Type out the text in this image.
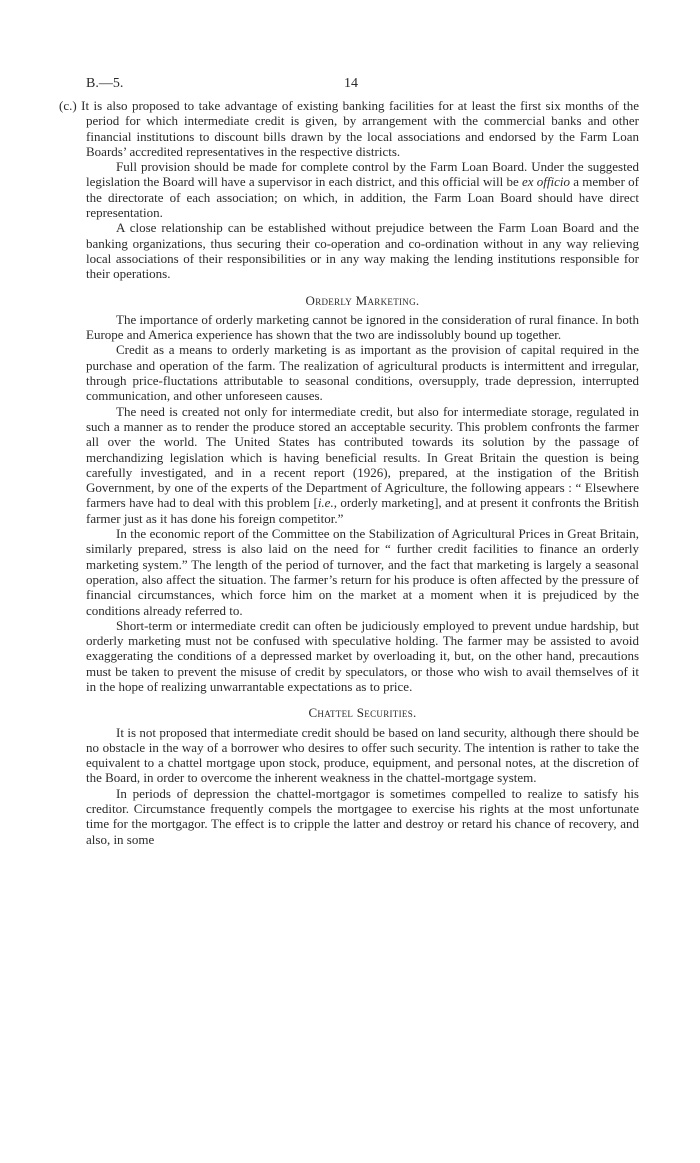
B.—5.	14

(c.) It is also proposed to take advantage of existing banking facilities for at least the first six months of the period for which intermediate credit is given, by arrangement with the commercial banks and other financial institutions to discount bills drawn by the local associations and endorsed by the Farm Loan Boards’ accredited representatives in the respective districts.

Full provision should be made for complete control by the Farm Loan Board. Under the suggested legislation the Board will have a supervisor in each district, and this official will be ex officio a member of the directorate of each association; on which, in addition, the Farm Loan Board should have direct representation.

A close relationship can be established without prejudice between the Farm Loan Board and the banking organizations, thus securing their co-operation and co-ordination without in any way relieving local associations of their responsibilities or in any way making the lending institutions responsible for their operations.

Orderly Marketing.

The importance of orderly marketing cannot be ignored in the consideration of rural finance. In both Europe and America experience has shown that the two are indissolubly bound up together.

Credit as a means to orderly marketing is as important as the provision of capital required in the purchase and operation of the farm. The realization of agricultural products is intermittent and irregular, through price-fluctations attributable to seasonal conditions, oversupply, trade depression, interrupted communication, and other unforeseen causes.

The need is created not only for intermediate credit, but also for intermediate storage, regulated in such a manner as to render the produce stored an acceptable security. This problem confronts the farmer all over the world. The United States has contributed towards its solution by the passage of merchandizing legislation which is having beneficial results. In Great Britain the question is being carefully investigated, and in a recent report (1926), prepared, at the instigation of the British Government, by one of the experts of the Department of Agriculture, the following appears : “ Elsewhere farmers have had to deal with this problem [i.e., orderly marketing], and at present it confronts the British farmer just as it has done his foreign competitor.”

In the economic report of the Committee on the Stabilization of Agricultural Prices in Great Britain, similarly prepared, stress is also laid on the need for “ further credit facilities to finance an orderly marketing system.” The length of the period of turnover, and the fact that marketing is largely a seasonal operation, also affect the situation. The farmer’s return for his produce is often affected by the pressure of financial circumstances, which force him on the market at a moment when it is prejudiced by the conditions already referred to.

Short-term or intermediate credit can often be judiciously employed to prevent undue hardship, but orderly marketing must not be confused with speculative holding. The farmer may be assisted to avoid exaggerating the conditions of a depressed market by overloading it, but, on the other hand, precautions must be taken to prevent the misuse of credit by speculators, or those who wish to avail themselves of it in the hope of realizing unwarrantable expectations as to price.

Chattel Securities.

It is not proposed that intermediate credit should be based on land security, although there should be no obstacle in the way of a borrower who desires to offer such security. The intention is rather to take the equivalent to a chattel mortgage upon stock, produce, equipment, and personal notes, at the discretion of the Board, in order to overcome the inherent weakness in the chattel-mortgage system.

In periods of depression the chattel-mortgagor is sometimes compelled to realize to satisfy his creditor. Circumstance frequently compels the mortgagee to exercise his rights at the most unfortunate time for the mortgagor. The effect is to cripple the latter and destroy or retard his chance of recovery, and also, in some
